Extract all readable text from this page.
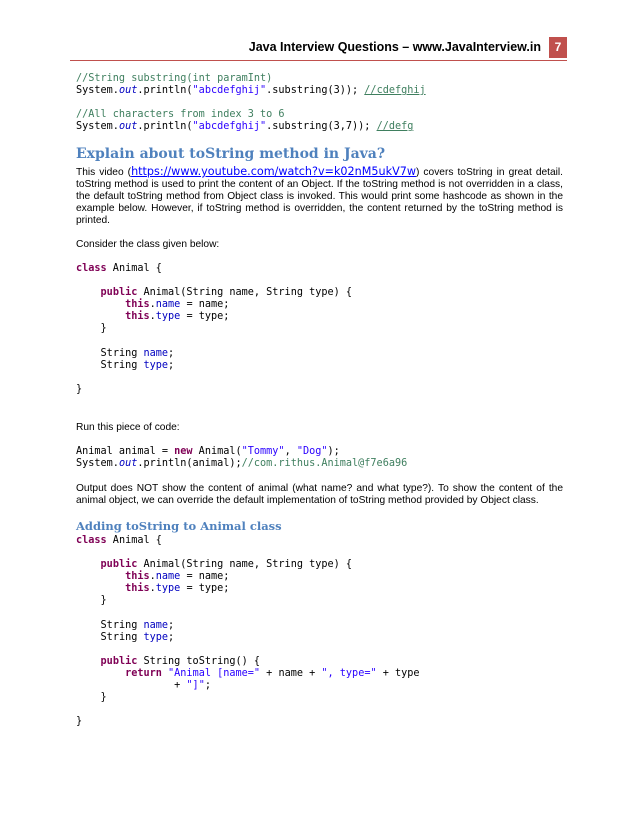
Java Interview Questions – www.JavaInterview.in	7
//String substring(int paramInt)
System.out.println("abcdefghij".substring(3)); //cdefghij

//All characters from index 3 to 6
System.out.println("abcdefghij".substring(3,7)); //defg
Explain about toString method in Java?

This video (https://www.youtube.com/watch?v=k02nM5ukV7w) covers toString in great detail. toString method is used to print the content of an Object. If the toString method is not overridden in a class, the default toString method from Object class is invoked. This would print some hashcode as shown in the example below. However, if toString method is overridden, the content returned by the toString method is printed.

Consider the class given below:

class Animal {

public Animal(String name, String type) {
this.name = name;
this.type = type;
}

String name;
String type;

}

Run this piece of code:

Animal animal = new Animal("Tommy", "Dog");
System.out.println(animal);//com.rithus.Animal@f7e6a96

Output does NOT show the content of animal (what name? and what type?). To show the content of the animal object, we can override the default implementation of toString method provided by Object class.

Adding toString to Animal class
class Animal {

public Animal(String name, String type) {
this.name = name;
this.type = type;
}

String name;
String type;

public String toString() {
return "Animal [name=" + name + ", type=" + type
+ "]";
}

}
